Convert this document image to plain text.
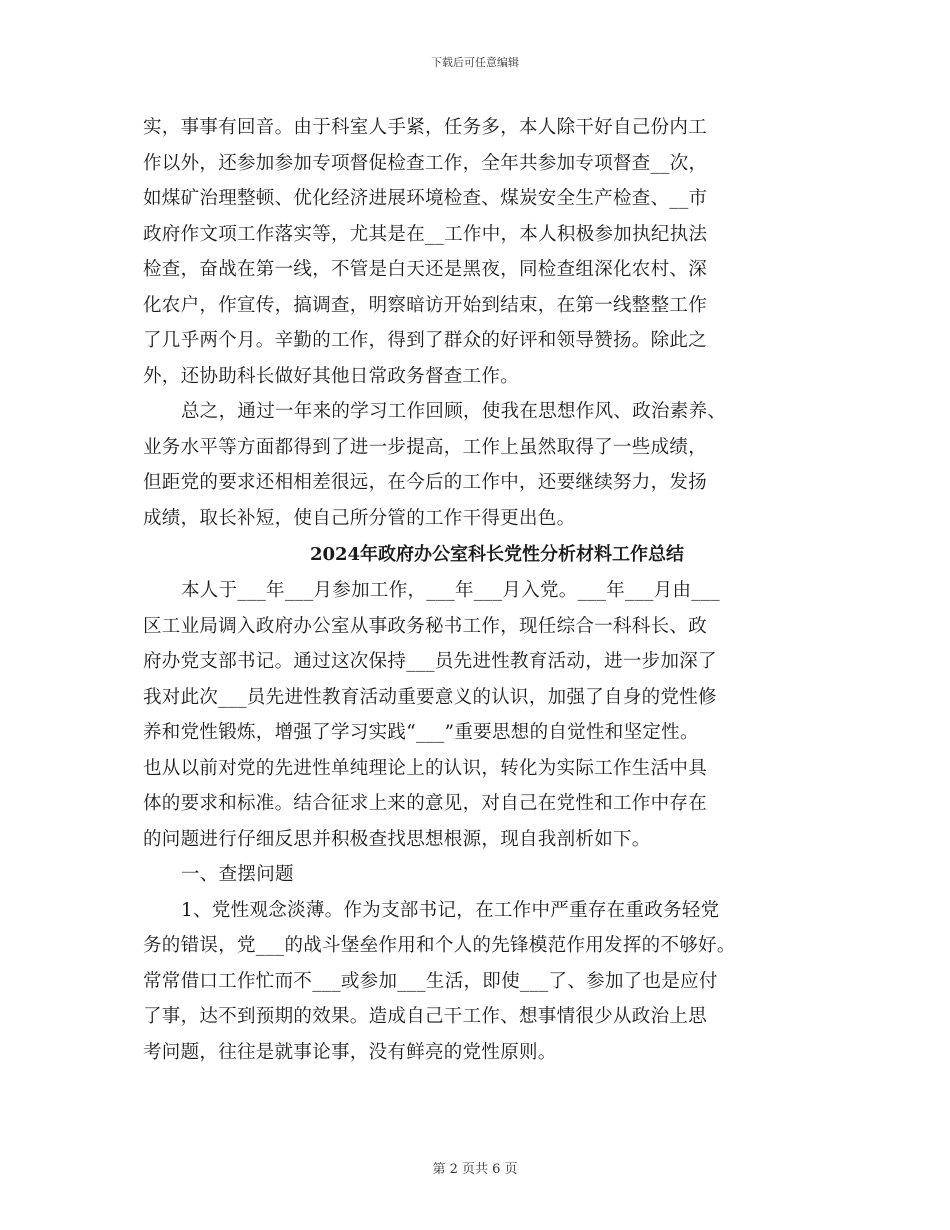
下载后可任意编辑
实，事事有回音。由于科室人手紧，任务多，本人除干好自己份内工
作以外，还参加参加专项督促检查工作，全年共参加专项督查__次，
如煤矿治理整顿、优化经济进展环境检查、煤炭安全生产检查、__市
政府作文项工作落实等，尤其是在__工作中，本人积极参加执纪执法
检查，奋战在第一线，不管是白天还是黑夜，同检查组深化农村、深
化农户，作宣传，搞调查，明察暗访开始到结束，在第一线整整工作
了几乎两个月。辛勤的工作，得到了群众的好评和领导赞扬。除此之
外，还协助科长做好其他日常政务督查工作。
总之，通过一年来的学习工作回顾，使我在思想作风、政治素养、
业务水平等方面都得到了进一步提高，工作上虽然取得了一些成绩，
但距党的要求还相相差很远，在今后的工作中，还要继续努力，发扬
成绩，取长补短，使自己所分管的工作干得更出色。
2024年政府办公室科长党性分析材料工作总结
本人于___年___月参加工作，___年___月入党。___年___月由___
区工业局调入政府办公室从事政务秘书工作，现任综合一科科长、政
府办党支部书记。通过这次保持___员先进性教育活动，进一步加深了
我对此次___员先进性教育活动重要意义的认识，加强了自身的党性修
养和党性锻炼，增强了学习实践“___”重要思想的自觉性和坚定性。
也从以前对党的先进性单纯理论上的认识，转化为实际工作生活中具
体的要求和标准。结合征求上来的意见，对自己在党性和工作中存在
的问题进行仔细反思并积极查找思想根源，现自我剖析如下。
一、查摆问题
1、党性观念淡薄。作为支部书记，在工作中严重存在重政务轻党
务的错误，党___的战斗堡垒作用和个人的先锋模范作用发挥的不够好。
常常借口工作忙而不___或参加___生活，即使___了、参加了也是应付
了事，达不到预期的效果。造成自己干工作、想事情很少从政治上思
考问题，往往是就事论事，没有鲜亮的党性原则。
第 2 页共 6 页
